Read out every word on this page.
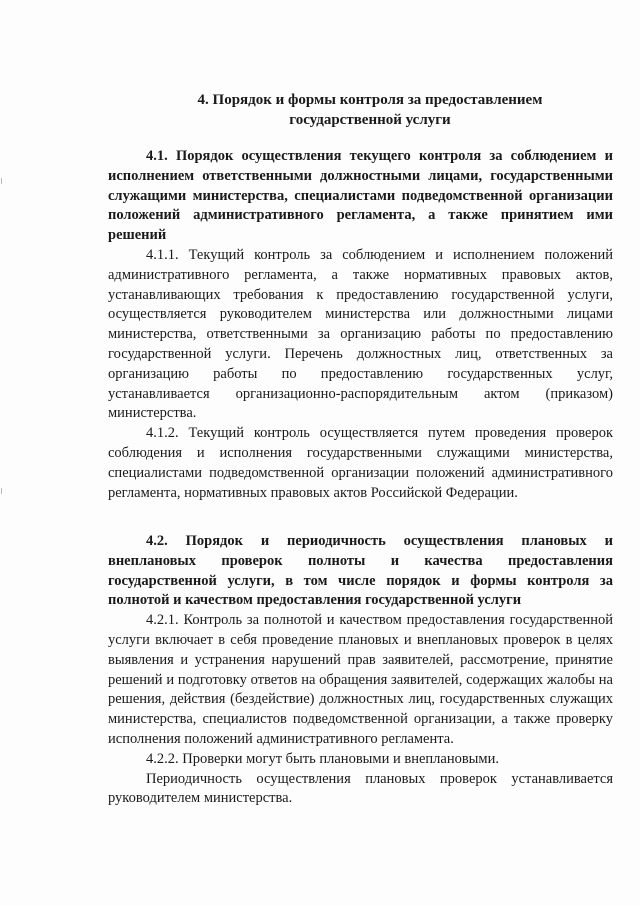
4. Порядок и формы контроля за предоставлением государственной услуги

4.1. Порядок осуществления текущего контроля за соблюдением и исполнением ответственными должностными лицами, государственными служащими министерства, специалистами подведомственной организации положений административного регламента, а также принятием ими решений

4.1.1. Текущий контроль за соблюдением и исполнением положений административного регламента, а также нормативных правовых актов, устанавливающих требования к предоставлению государственной услуги, осуществляется руководителем министерства или должностными лицами министерства, ответственными за организацию работы по предоставлению государственной услуги. Перечень должностных лиц, ответственных за организацию работы по предоставлению государственных услуг, устанавливается организационно-распорядительным актом (приказом) министерства.

4.1.2. Текущий контроль осуществляется путем проведения проверок соблюдения и исполнения государственными служащими министерства, специалистами подведомственной организации положений административного регламента, нормативных правовых актов Российской Федерации.

4.2. Порядок и периодичность осуществления плановых и внеплановых проверок полноты и качества предоставления государственной услуги, в том числе порядок и формы контроля за полнотой и качеством предоставления государственной услуги

4.2.1. Контроль за полнотой и качеством предоставления государственной услуги включает в себя проведение плановых и внеплановых проверок в целях выявления и устранения нарушений прав заявителей, рассмотрение, принятие решений и подготовку ответов на обращения заявителей, содержащих жалобы на решения, действия (бездействие) должностных лиц, государственных служащих министерства, специалистов подведомственной организации, а также проверку исполнения положений административного регламента.

4.2.2. Проверки могут быть плановыми и внеплановыми.

Периодичность осуществления плановых проверок устанавливается руководителем министерства.
